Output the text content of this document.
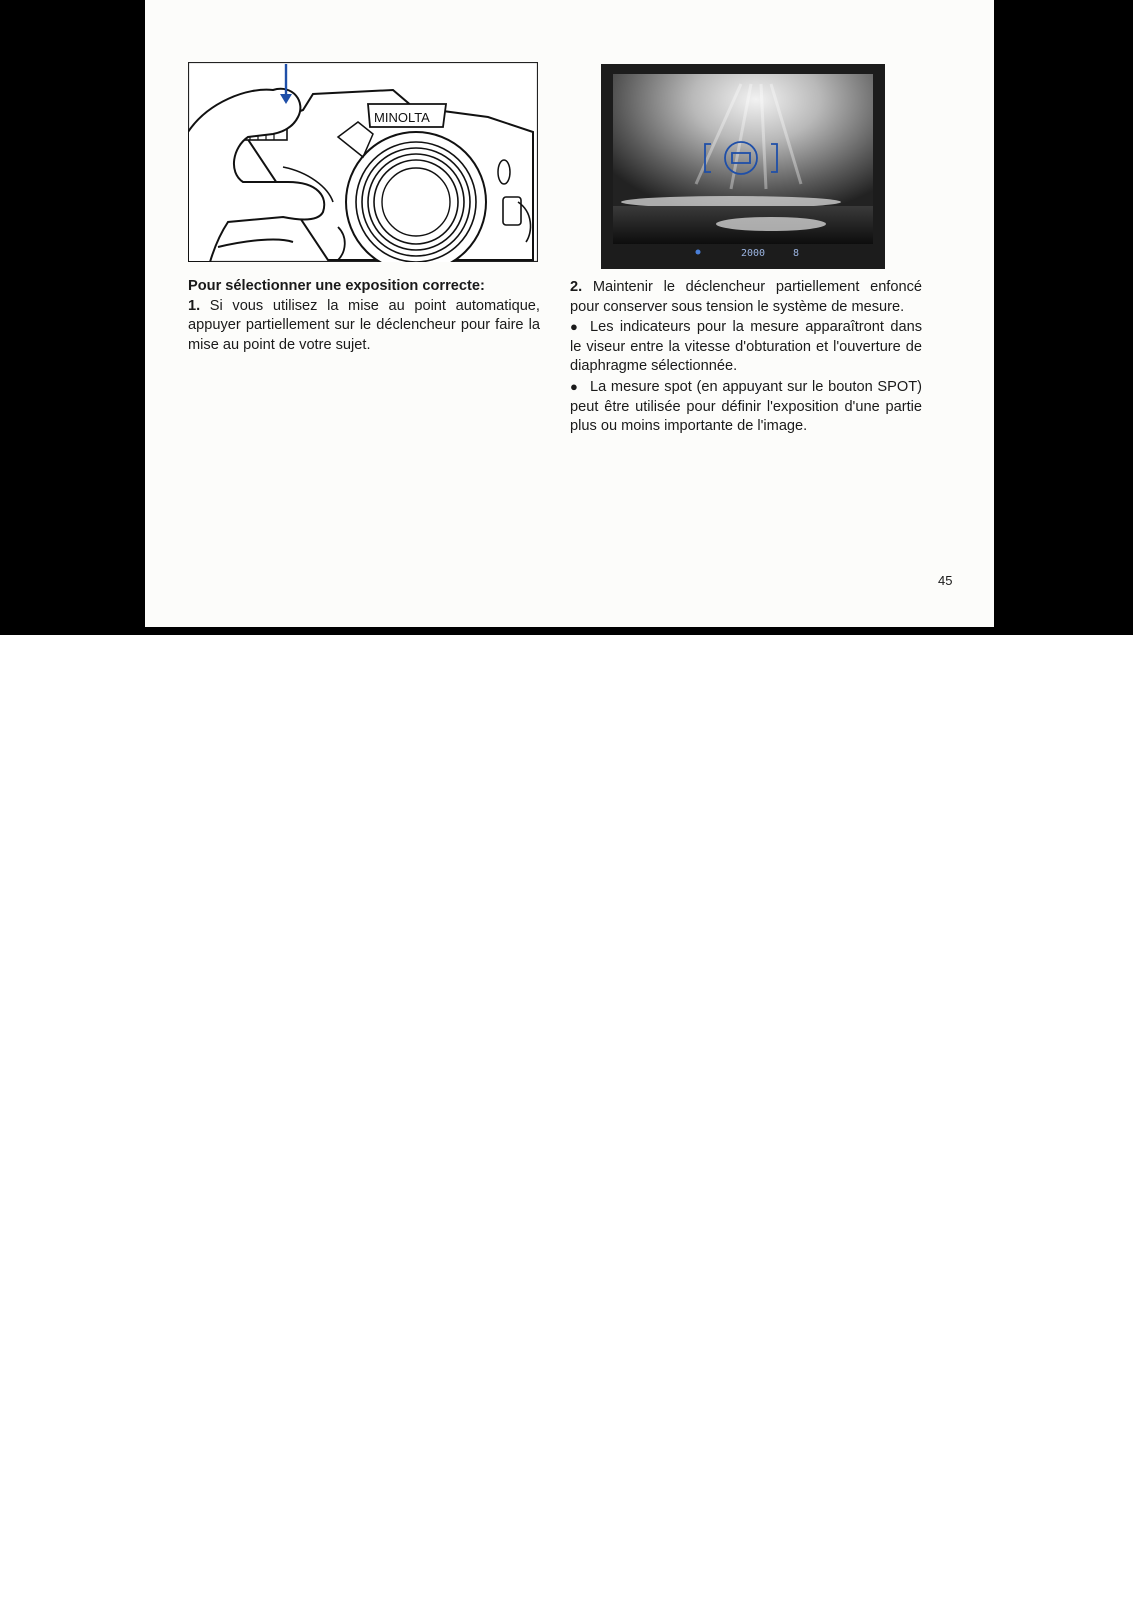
MINOLTA
2000	8

Pour sélectionner une exposition correcte:

1. Si vous utilisez la mise au point automatique, appuyer partiellement sur le déclencheur pour faire la mise au point de votre sujet.

2. Maintenir le déclencheur partiellement enfoncé pour conserver sous tension le système de mesure.

● Les indicateurs pour la mesure apparaîtront dans le viseur entre la vitesse d'obturation et l'ouverture de diaphragme sélectionnée.

● La mesure spot (en appuyant sur le bouton SPOT) peut être utilisée pour définir l'exposition d'une partie plus ou moins importante de l'image.

45
